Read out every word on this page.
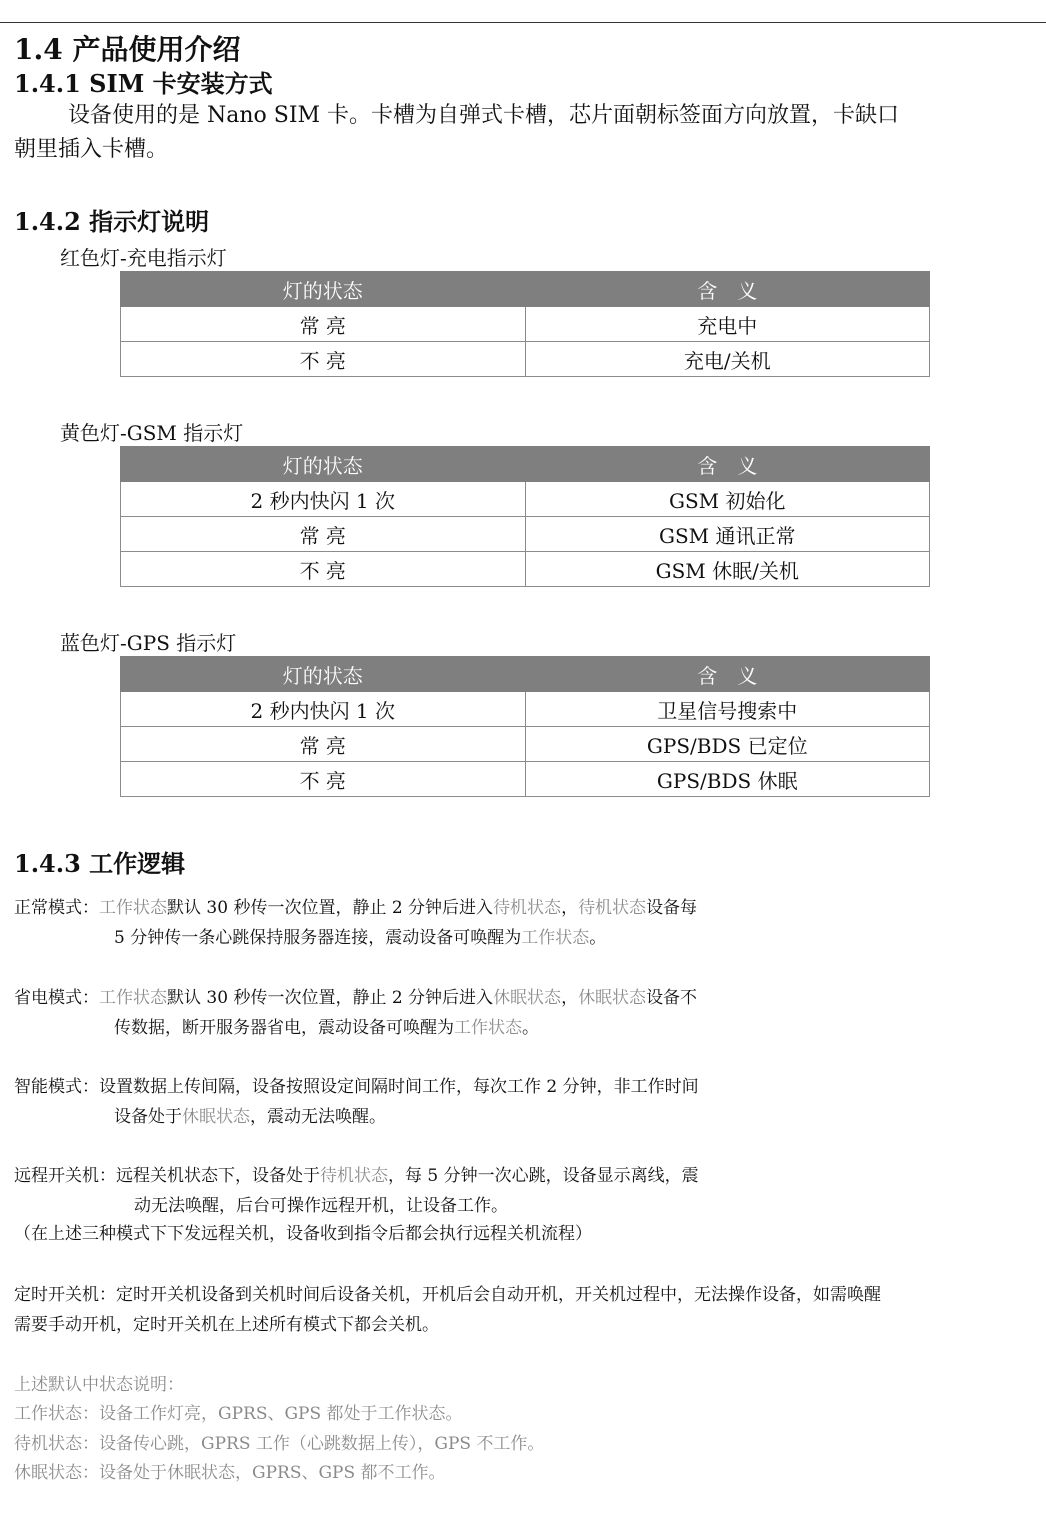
1.4 产品使用介绍
1.4.1 SIM 卡安装方式
设备使用的是 Nano SIM 卡。卡槽为自弹式卡槽，芯片面朝标签面方向放置，卡缺口
朝里插入卡槽。
1.4.2 指示灯说明
红色灯-充电指示灯
灯的状态	含　义
常 亮	充电中
不 亮	充电/关机
黄色灯-GSM 指示灯
灯的状态	含　义
2 秒内快闪 1 次	GSM 初始化
常 亮	GSM 通讯正常
不 亮	GSM 休眠/关机
蓝色灯-GPS 指示灯
灯的状态	含　义
2 秒内快闪 1 次	卫星信号搜索中
常 亮	GPS/BDS 已定位
不 亮	GPS/BDS 休眠
1.4.3 工作逻辑
正常模式：工作状态默认 30 秒传一次位置，静止 2 分钟后进入待机状态，待机状态设备每
5 分钟传一条心跳保持服务器连接，震动设备可唤醒为工作状态。
省电模式：工作状态默认 30 秒传一次位置，静止 2 分钟后进入休眠状态，休眠状态设备不
传数据，断开服务器省电，震动设备可唤醒为工作状态。
智能模式：设置数据上传间隔，设备按照设定间隔时间工作，每次工作 2 分钟，非工作时间
设备处于休眠状态，震动无法唤醒。
远程开关机：远程关机状态下，设备处于待机状态，每 5 分钟一次心跳，设备显示离线，震
动无法唤醒，后台可操作远程开机，让设备工作。
（在上述三种模式下下发远程关机，设备收到指令后都会执行远程关机流程）
定时开关机：定时开关机设备到关机时间后设备关机，开机后会自动开机，开关机过程中，无法操作设备，如需唤醒
需要手动开机，定时开关机在上述所有模式下都会关机。
上述默认中状态说明：
工作状态：设备工作灯亮，GPRS、GPS 都处于工作状态。
待机状态：设备传心跳，GPRS 工作（心跳数据上传），GPS 不工作。
休眠状态：设备处于休眠状态，GPRS、GPS 都不工作。
